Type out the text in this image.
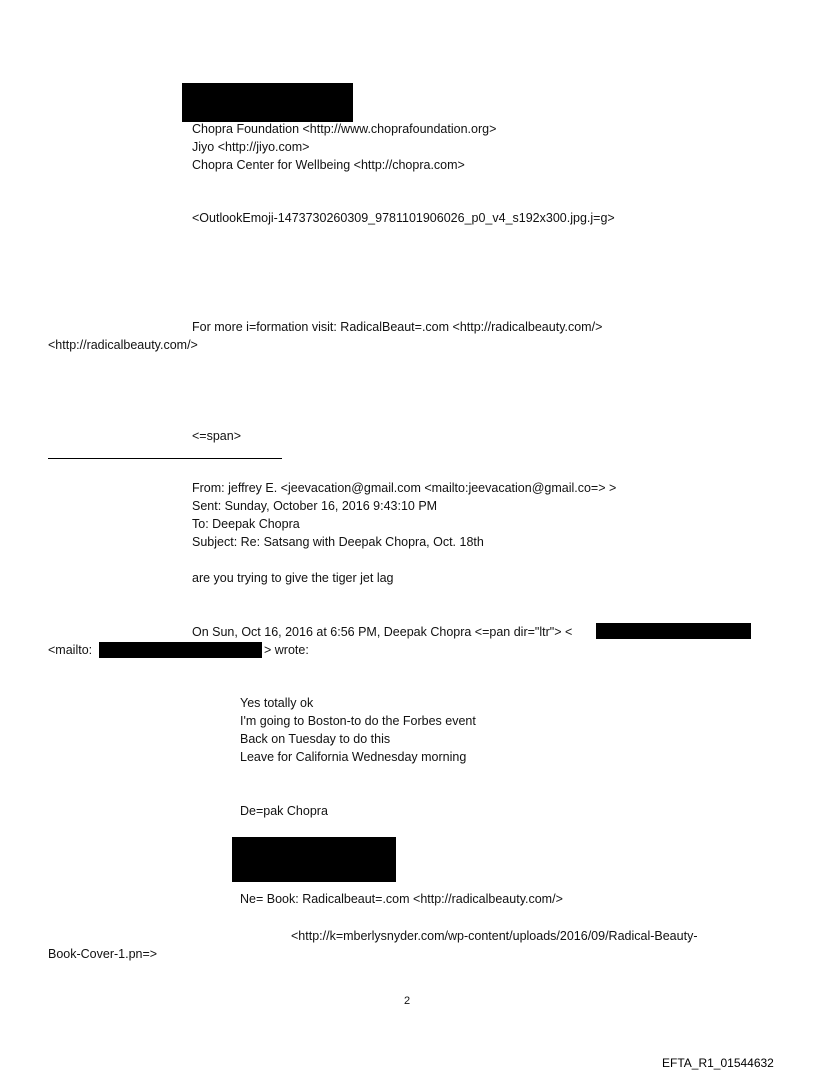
Chopra Foundation <http://www.choprafoundation.org>
Jiyo <http://jiyo.com>
Chopra Center for Wellbeing <http://chopra.com>
<OutlookEmoji-1473730260309_9781101906026_p0_v4_s192x300.jpg.j=g>
For more i=formation visit: RadicalBeaut=.com <http://radicalbeauty.com/>
<http://radicalbeauty.com/>
<=span>
From: jeffrey E. <jeevacation@gmail.com <mailto:jeevacation@gmail.co=> >
Sent: Sunday, October 16, 2016 9:43:10 PM
To: Deepak Chopra
Subject: Re: Satsang with Deepak Chopra, Oct. 18th
are you trying to give the tiger jet lag
On Sun, Oct 16, 2016 at 6:56 PM, Deepak Chopra <=pan dir="ltr"> <
<mailto:	> wrote:
Yes totally ok
I'm going to Boston-to do the Forbes event
Back on Tuesday to do this
Leave for California Wednesday morning
De=pak Chopra
Ne= Book: Radicalbeaut=.com <http://radicalbeauty.com/>
<http://k=mberlysnyder.com/wp-content/uploads/2016/09/Radical-Beauty-
Book-Cover-1.pn=>
2
EFTA_R1_01544632
